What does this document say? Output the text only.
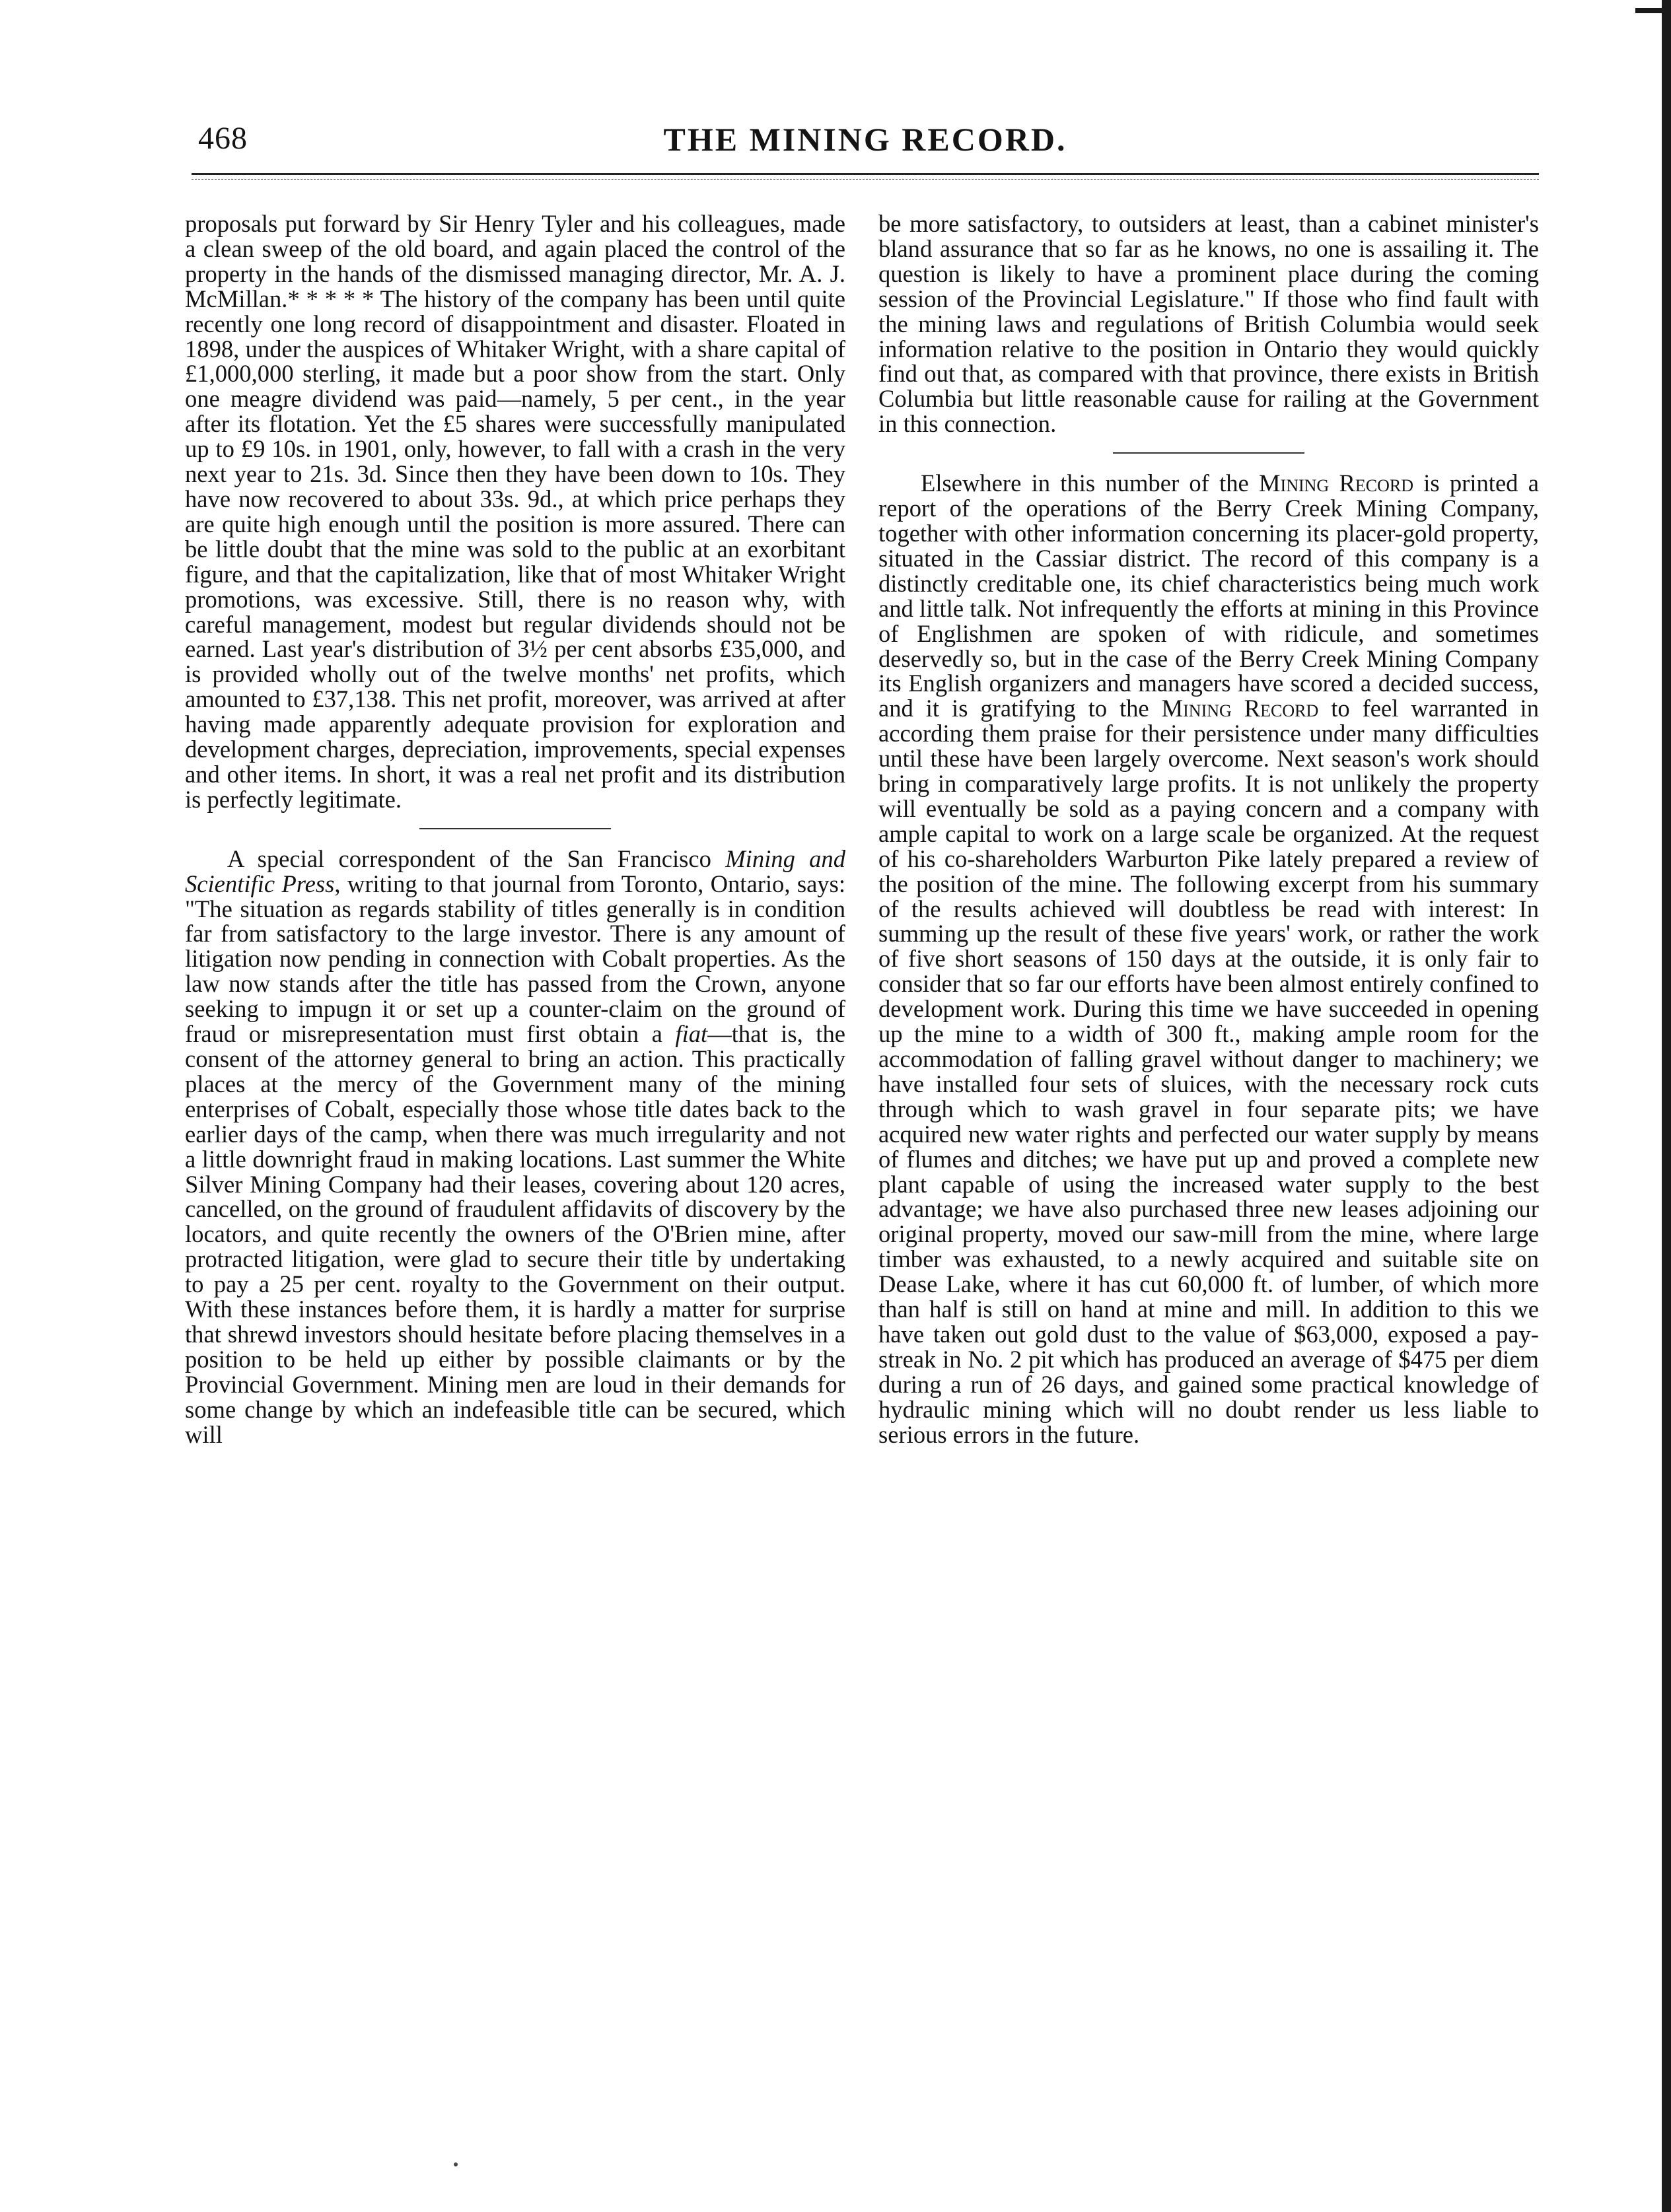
468	THE MINING RECORD.

proposals put forward by Sir Henry Tyler and his colleagues, made a clean sweep of the old board, and again placed the control of the property in the hands of the dismissed managing director, Mr. A. J. McMillan.* * * * * The history of the company has been until quite recently one long record of disappointment and disaster. Floated in 1898, under the auspices of Whitaker Wright, with a share capital of £1,000,000 sterling, it made but a poor show from the start. Only one meagre dividend was paid—namely, 5 per cent., in the year after its flotation. Yet the £5 shares were successfully manipulated up to £9 10s. in 1901, only, however, to fall with a crash in the very next year to 21s. 3d. Since then they have been down to 10s. They have now recovered to about 33s. 9d., at which price perhaps they are quite high enough until the position is more assured. There can be little doubt that the mine was sold to the public at an exorbitant figure, and that the capitalization, like that of most Whitaker Wright promotions, was excessive. Still, there is no reason why, with careful management, modest but regular dividends should not be earned. Last year's distribution of 3½ per cent absorbs £35,000, and is provided wholly out of the twelve months' net profits, which amounted to £37,138. This net profit, moreover, was arrived at after having made apparently adequate provision for exploration and development charges, depreciation, improvements, special expenses and other items. In short, it was a real net profit and its distribution is perfectly legitimate.

A special correspondent of the San Francisco Mining and Scientific Press, writing to that journal from Toronto, Ontario, says: "The situation as regards stability of titles generally is in condition far from satisfactory to the large investor. There is any amount of litigation now pending in connection with Cobalt properties. As the law now stands after the title has passed from the Crown, anyone seeking to impugn it or set up a counter-claim on the ground of fraud or misrepresentation must first obtain a fiat—that is, the consent of the attorney general to bring an action. This practically places at the mercy of the Government many of the mining enterprises of Cobalt, especially those whose title dates back to the earlier days of the camp, when there was much irregularity and not a little downright fraud in making locations. Last summer the White Silver Mining Company had their leases, covering about 120 acres, cancelled, on the ground of fraudulent affidavits of discovery by the locators, and quite recently the owners of the O'Brien mine, after protracted litigation, were glad to secure their title by undertaking to pay a 25 per cent. royalty to the Government on their output. With these instances before them, it is hardly a matter for surprise that shrewd investors should hesitate before placing themselves in a position to be held up either by possible claimants or by the Provincial Government. Mining men are loud in their demands for some change by which an indefeasible title can be secured, which will

be more satisfactory, to outsiders at least, than a cabinet minister's bland assurance that so far as he knows, no one is assailing it. The question is likely to have a prominent place during the coming session of the Provincial Legislature." If those who find fault with the mining laws and regulations of British Columbia would seek information relative to the position in Ontario they would quickly find out that, as compared with that province, there exists in British Columbia but little reasonable cause for railing at the Government in this connection.

Elsewhere in this number of the Mining Record is printed a report of the operations of the Berry Creek Mining Company, together with other information concerning its placer-gold property, situated in the Cassiar district. The record of this company is a distinctly creditable one, its chief characteristics being much work and little talk. Not infrequently the efforts at mining in this Province of Englishmen are spoken of with ridicule, and sometimes deservedly so, but in the case of the Berry Creek Mining Company its English organizers and managers have scored a decided success, and it is gratifying to the Mining Record to feel warranted in according them praise for their persistence under many difficulties until these have been largely overcome. Next season's work should bring in comparatively large profits. It is not unlikely the property will eventually be sold as a paying concern and a company with ample capital to work on a large scale be organized. At the request of his co-shareholders Warburton Pike lately prepared a review of the position of the mine. The following excerpt from his summary of the results achieved will doubtless be read with interest: In summing up the result of these five years' work, or rather the work of five short seasons of 150 days at the outside, it is only fair to consider that so far our efforts have been almost entirely confined to development work. During this time we have succeeded in opening up the mine to a width of 300 ft., making ample room for the accommodation of falling gravel without danger to machinery; we have installed four sets of sluices, with the necessary rock cuts through which to wash gravel in four separate pits; we have acquired new water rights and perfected our water supply by means of flumes and ditches; we have put up and proved a complete new plant capable of using the increased water supply to the best advantage; we have also purchased three new leases adjoining our original property, moved our saw-mill from the mine, where large timber was exhausted, to a newly acquired and suitable site on Dease Lake, where it has cut 60,000 ft. of lumber, of which more than half is still on hand at mine and mill. In addition to this we have taken out gold dust to the value of $63,000, exposed a pay-streak in No. 2 pit which has produced an average of $475 per diem during a run of 26 days, and gained some practical knowledge of hydraulic mining which will no doubt render us less liable to serious errors in the future.
